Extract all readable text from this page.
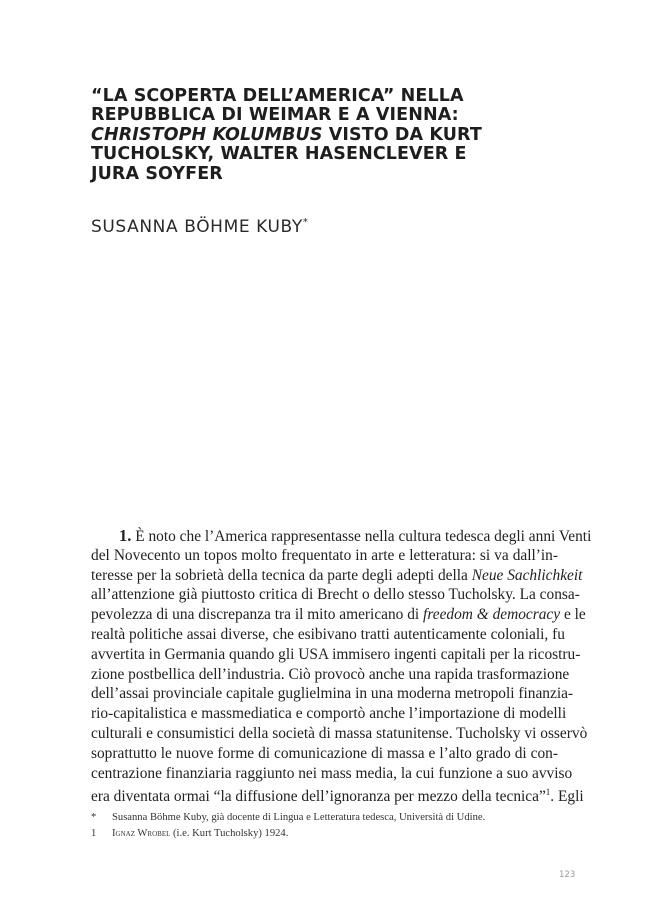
“LA SCOPERTA DELL’AMERICA” NELLA
REPUBBLICA DI WEIMAR E A VIENNA:
CHRISTOPH KOLUMBUS VISTO DA KURT
TUCHOLSKY, WALTER HASENCLEVER E
JURA SOYFER
SUSANNA BÖHME KUBY*
1. È noto che l’America rappresentasse nella cultura tedesca degli anni Venti
del Novecento un topos molto frequentato in arte e letteratura: si va dall’in-
teresse per la sobrietà della tecnica da parte degli adepti della Neue Sachlichkeit
all’attenzione già piuttosto critica di Brecht o dello stesso Tucholsky. La consa-
pevolezza di una discrepanza tra il mito americano di freedom & democracy e le
realtà politiche assai diverse, che esibivano tratti autenticamente coloniali, fu
avvertita in Germania quando gli USA immisero ingenti capitali per la ricostru-
zione postbellica dell’industria. Ciò provocò anche una rapida trasformazione
dell’assai provinciale capitale guglielmina in una moderna metropoli finanzia-
rio-capitalistica e massmediatica e comportò anche l’importazione di modelli
culturali e consumistici della società di massa statunitense. Tucholsky vi osservò
soprattutto le nuove forme di comunicazione di massa e l’alto grado di con-
centrazione finanziaria raggiunto nei mass media, la cui funzione a suo avviso
era diventata ormai “la diffusione dell’ignoranza per mezzo della tecnica”$^1$. Egli
*	Susanna Böhme Kuby, già docente di Lingua e Letteratura tedesca, Università di Udine.
1	Ignaz Wrobel (i.e. Kurt Tucholsky) 1924.
123
